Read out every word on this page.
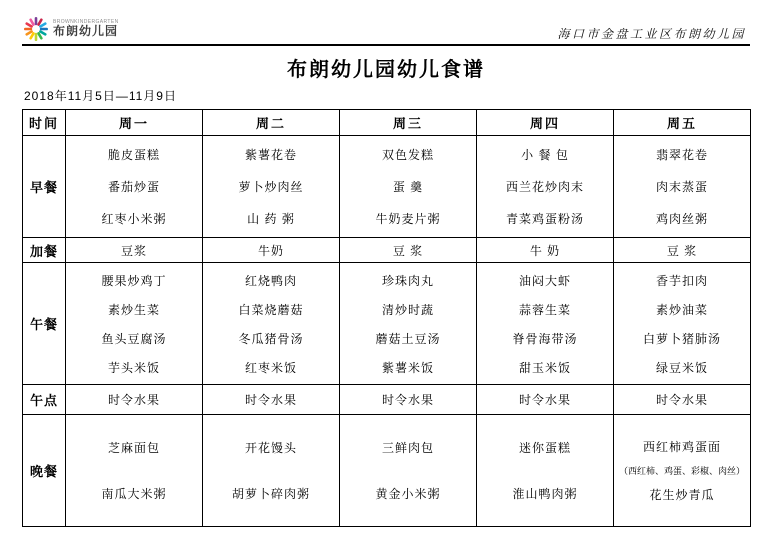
BROWNKINDERGARTEN
布朗幼儿园	海口市金盘工业区布朗幼儿园
布朗幼儿园幼儿食谱
2018年11月5日—11月9日
时间	周一	周二	周三	周四	周五
早餐	
脆皮蛋糕
番茄炒蛋
红枣小米粥

紫薯花卷
萝卜炒肉丝
山 药 粥

双色发糕
蛋 羹
牛奶麦片粥

小 餐 包
西兰花炒肉末
青菜鸡蛋粉汤

翡翠花卷
肉末蒸蛋
鸡肉丝粥

加餐	豆浆	牛奶	豆 浆	牛 奶	豆 浆

午餐	
腰果炒鸡丁
素炒生菜
鱼头豆腐汤
芋头米饭

红烧鸭肉
白菜烧蘑菇
冬瓜猪骨汤
红枣米饭

珍珠肉丸
清炒时蔬
蘑菇土豆汤
紫薯米饭

油闷大虾
蒜蓉生菜
脊骨海带汤
甜玉米饭

香芋扣肉
素炒油菜
白萝卜猪肺汤
绿豆米饭

午点	时令水果	时令水果	时令水果	时令水果	时令水果

晚餐	
芝麻面包
南瓜大米粥

开花馒头
胡萝卜碎肉粥

三鲜肉包
黄金小米粥

迷你蛋糕
淮山鸭肉粥

西红柿鸡蛋面
（西红柿、鸡蛋、彩椒、肉丝）
花生炒青瓜
